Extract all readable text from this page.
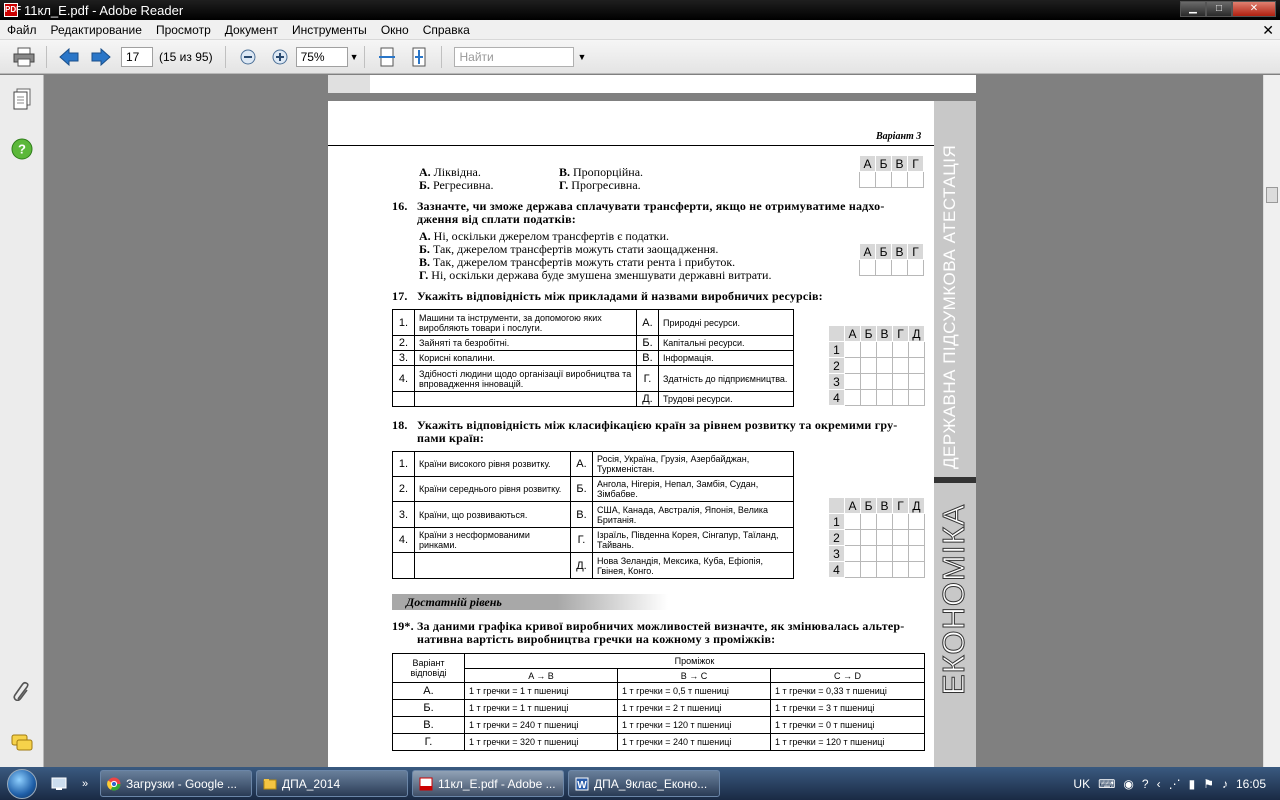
PDF 11кл_Е.pdf - Adobe Reader	▁	□	✕
Файл	Редактирование	Просмотр	Документ	Инструменты	Окно	Справка	✕
17	(15 из 95)	75%	▼	Найти	▼
?
Варіант 3
А. Ліквідна.	В. Пропорційна.
Б. Регресивна.	Г. Прогресивна.
А	Б	В	Г

16. Зазначте, чи зможе держава сплачувати трансферти, якщо не отримуватиме надхо-
дження від сплати податків:
А. Ні, оскільки джерелом трансфертів є податки.
Б. Так, джерелом трансфертів можуть стати заощадження.
В. Так, джерелом трансфертів можуть стати рента і прибуток.
Г. Ні, оскільки держава буде змушена зменшувати державні витрати.
А	Б	В	Г

17. Укажіть відповідність між прикладами й назвами виробничих ресурсів:
1.	Машини та інструменти, за допомогою яких виробляють товари і послуги.	А.	Природні ресурси.
2.	Зайняті та безробітні.	Б.	Капітальні ресурси.
3.	Корисні копалини.	В.	Інформація.
4.	Здібності людини щодо організації виробництва та впровадження інновацій.	Г.	Здатність до підприємництва.
		Д.	Трудові ресурси.
	А	Б	В	Г	Д
1					
2					
3					
4					
18. Укажіть відповідність між класифікацією країн за рівнем розвитку та окремими гру-
пами країн:
1.	Країни високого рівня розвитку.	А.	Росія, Україна, Грузія, Азербайджан, Туркменістан.
2.	Країни середнього рівня розвитку.	Б.	Ангола, Нігерія, Непал, Замбія, Судан, Зімбабве.
3.	Країни, що розвиваються.	В.	США, Канада, Австралія, Японія, Велика Британія.
4.	Країни з несформованими ринками.	Г.	Ізраїль, Південна Корея, Сінгапур, Таїланд, Тайвань.
		Д.	Нова Зеландія, Мексика, Куба, Ефіопія, Гвінея, Конго.
	А	Б	В	Г	Д
1					
2					
3					
4					
Достатній рівень
19*. За даними графіка кривої виробничих можливостей визначте, як змінювалась альтер-
нативна вартість виробництва гречки на кожному з проміжків:
Варіант відповіді	Проміжок		
	A → B	B → C	C → D
А.	1 т гречки = 1 т пшениці	1 т гречки = 0,5 т пшениці	1 т гречки = 0,33 т пшениці
Б.	1 т гречки = 1 т пшениці	1 т гречки = 2 т пшениці	1 т гречки = 3 т пшениці
В.	1 т гречки = 240 т пшениці	1 т гречки = 120 т пшениці	1 т гречки = 0 т пшениці
Г.	1 т гречки = 320 т пшениці	1 т гречки = 240 т пшениці	1 т гречки = 120 т пшениці
ДЕРЖАВНА ПІДСУМКОВА АТЕСТАЦІЯ
ЕКОНОМІКА
»	Загрузки - Google ...	ДПА_2014	11кл_Е.pdf - Adobe ... W ДПА_9клас_Еконо...	UK ⌨ ◉ ? ‹ ⋰ ▮ ⚑ ♪ 16:05
